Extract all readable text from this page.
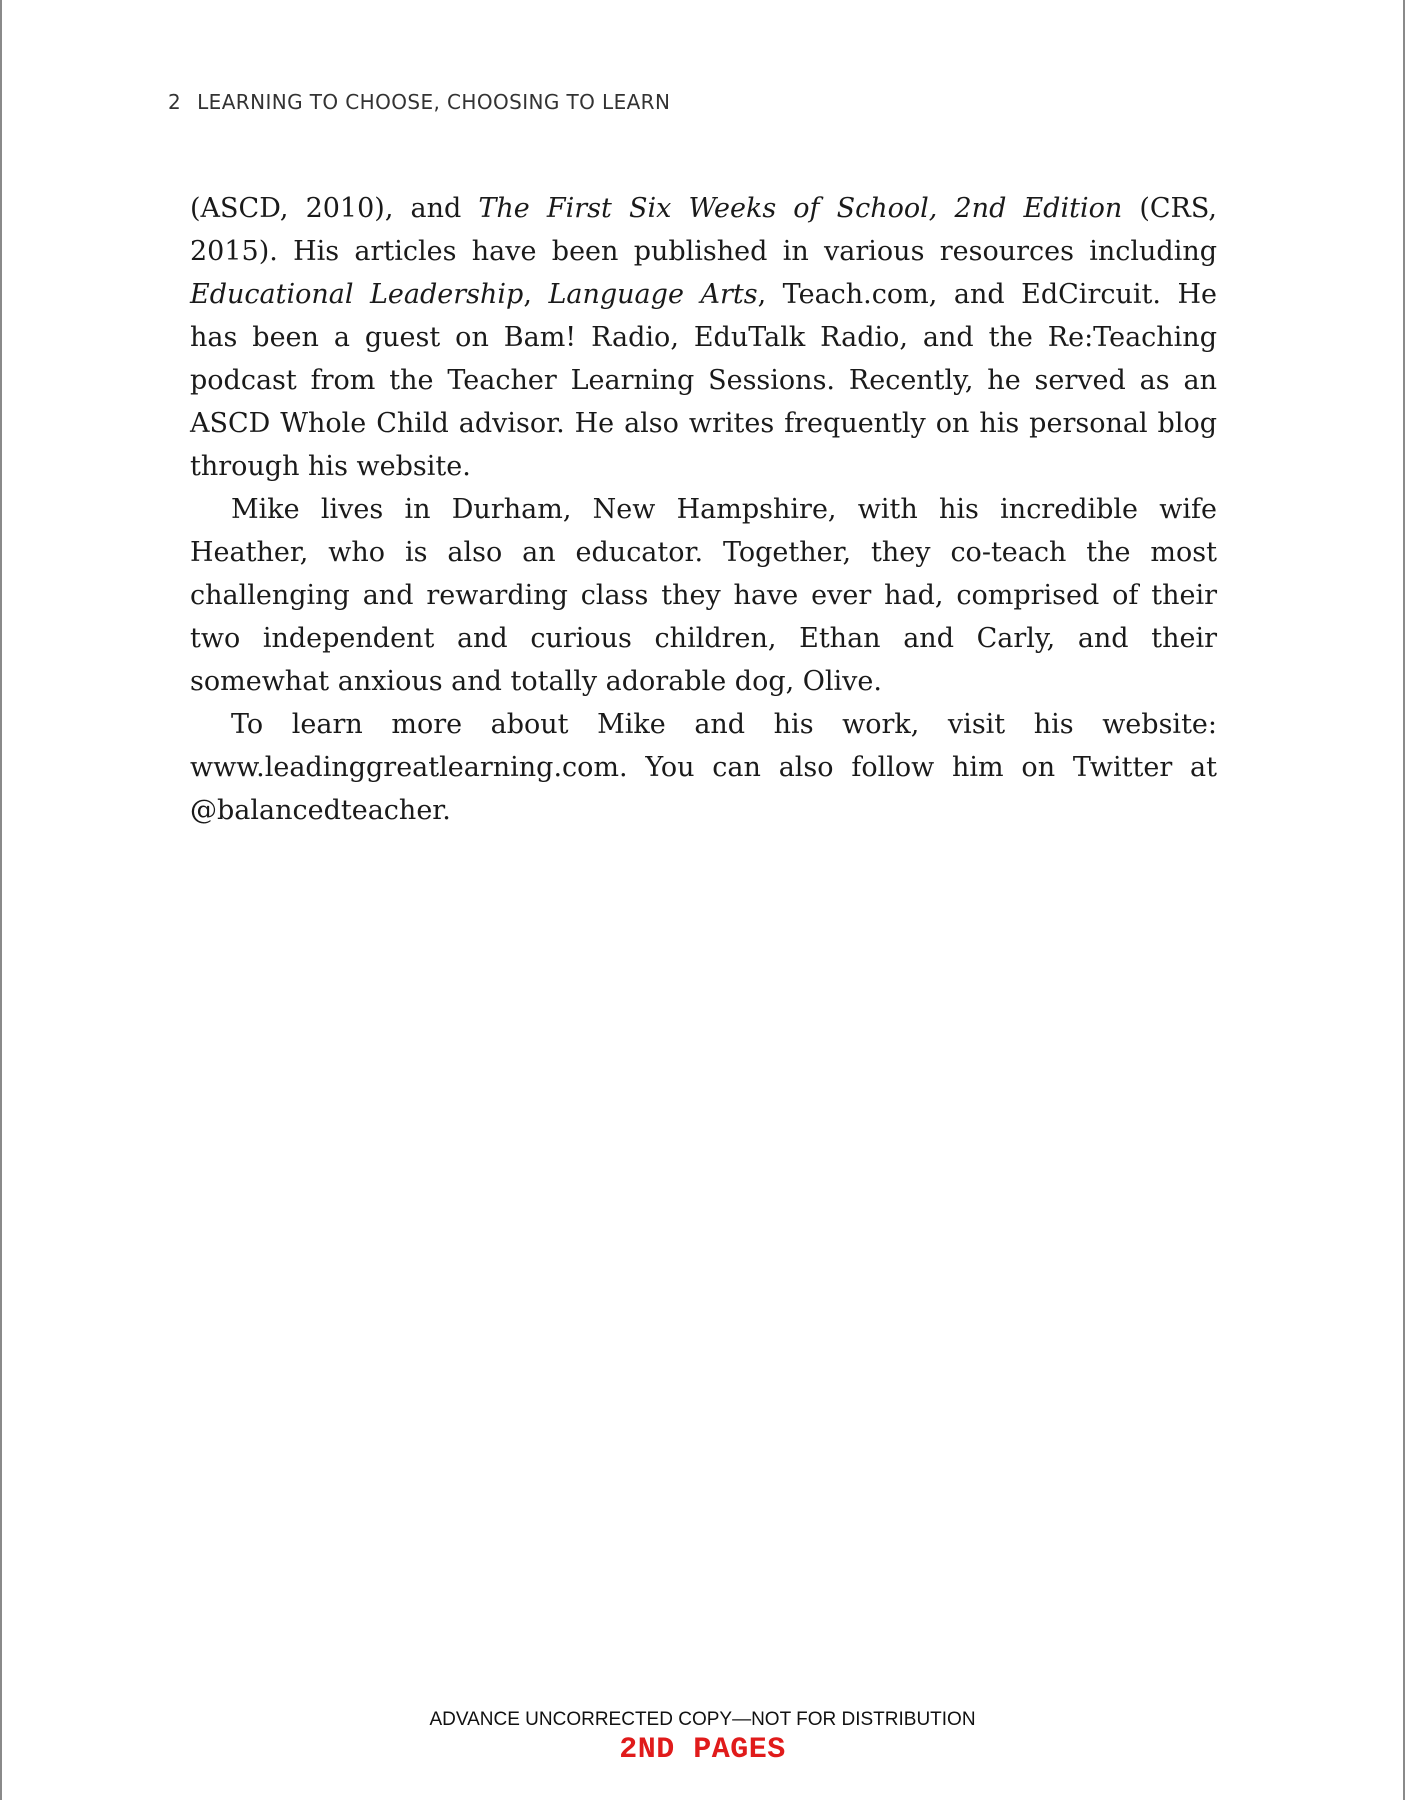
2 LEARNING TO CHOOSE, CHOOSING TO LEARN

(ASCD, 2010), and The First Six Weeks of School, 2nd Edition (CRS, 2015). His articles have been published in various resources including Educational Leadership, Language Arts, Teach.com, and EdCircuit. He has been a guest on Bam! Radio, EduTalk Radio, and the Re:Teaching podcast from the Teacher Learning Sessions. Recently, he served as an ASCD Whole Child advisor. He also writes frequently on his personal blog through his website.

Mike lives in Durham, New Hampshire, with his incredible wife Heather, who is also an educator. Together, they co-teach the most challenging and rewarding class they have ever had, comprised of their two independent and curious children, Ethan and Carly, and their somewhat anxious and totally adorable dog, Olive.

To learn more about Mike and his work, visit his website: www.leadinggreatlearning.com. You can also follow him on Twitter at @balancedteacher.

ADVANCE UNCORRECTED COPY—NOT FOR DISTRIBUTION
2ND PAGES
